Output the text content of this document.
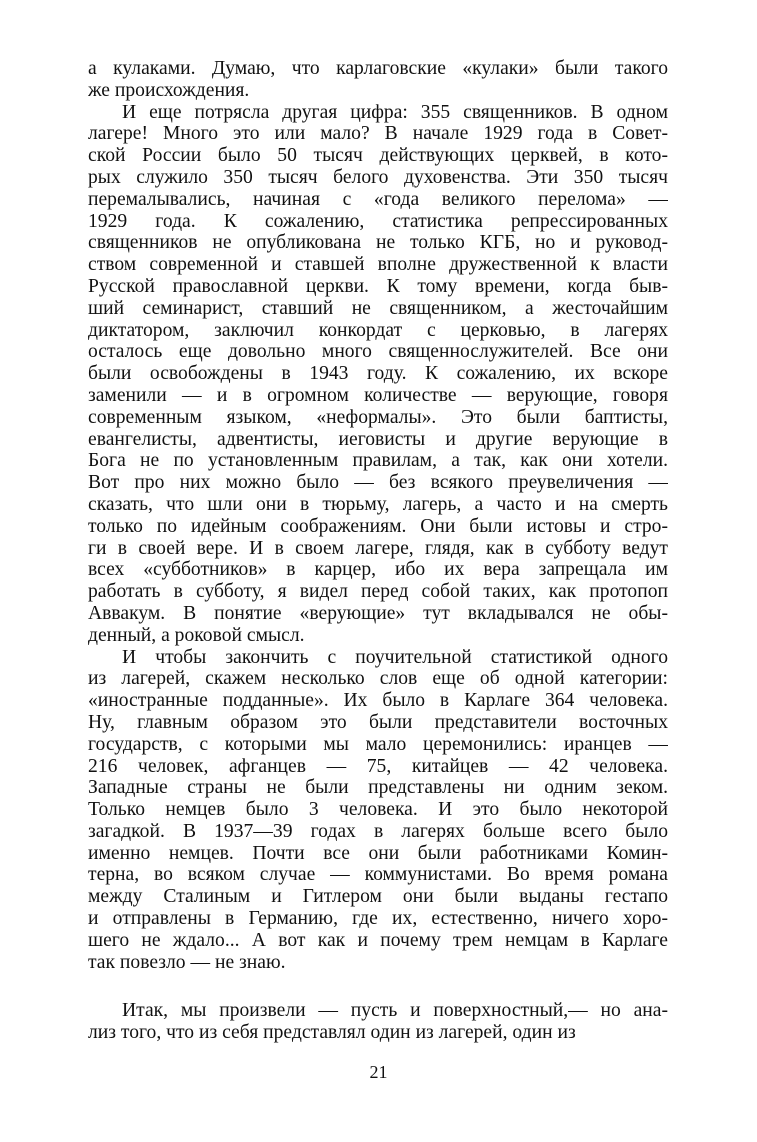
а кулаками. Думаю, что карлаговские «кулаки» были такого
же происхождения.
И еще потрясла другая цифра: 355 священников. В одном
лагере! Много это или мало? В начале 1929 года в Совет-
ской России было 50 тысяч действующих церквей, в кото-
рых служило 350 тысяч белого духовенства. Эти 350 тысяч
перемалывались, начиная с «года великого перелома» —
1929 года. К сожалению, статистика репрессированных
священников не опубликована не только КГБ, но и руковод-
ством современной и ставшей вполне дружественной к власти
Русской православной церкви. К тому времени, когда быв-
ший семинарист, ставший не священником, а жесточайшим
диктатором, заключил конкордат с церковью, в лагерях
осталось еще довольно много священнослужителей. Все они
были освобождены в 1943 году. К сожалению, их вскоре
заменили — и в огромном количестве — верующие, говоря
современным языком, «неформалы». Это были баптисты,
евангелисты, адвентисты, иеговисты и другие верующие в
Бога не по установленным правилам, а так, как они хотели.
Вот про них можно было — без всякого преувеличения —
сказать, что шли они в тюрьму, лагерь, а часто и на смерть
только по идейным соображениям. Они были истовы и стро-
ги в своей вере. И в своем лагере, глядя, как в субботу ведут
всех «субботников» в карцер, ибо их вера запрещала им
работать в субботу, я видел перед собой таких, как протопоп
Аввакум. В понятие «верующие» тут вкладывался не обы-
денный, а роковой смысл.
И чтобы закончить с поучительной статистикой одного
из лагерей, скажем несколько слов еще об одной категории:
«иностранные подданные». Их было в Карлаге 364 человека.
Ну, главным образом это были представители восточных
государств, с которыми мы мало церемонились: иранцев —
216 человек, афганцев — 75, китайцев — 42 человека.
Западные страны не были представлены ни одним зеком.
Только немцев было 3 человека. И это было некоторой
загадкой. В 1937—39 годах в лагерях больше всего было
именно немцев. Почти все они были работниками Комин-
терна, во всяком случае — коммунистами. Во время романа
между Сталиным и Гитлером они были выданы гестапо
и отправлены в Германию, где их, естественно, ничего хоро-
шего не ждало... А вот как и почему трем немцам в Карлаге
так повезло — не знаю.
Итак, мы произвели — пусть и поверхностный,— но ана-
лиз того, что из себя представлял один из лагерей, один из
21
